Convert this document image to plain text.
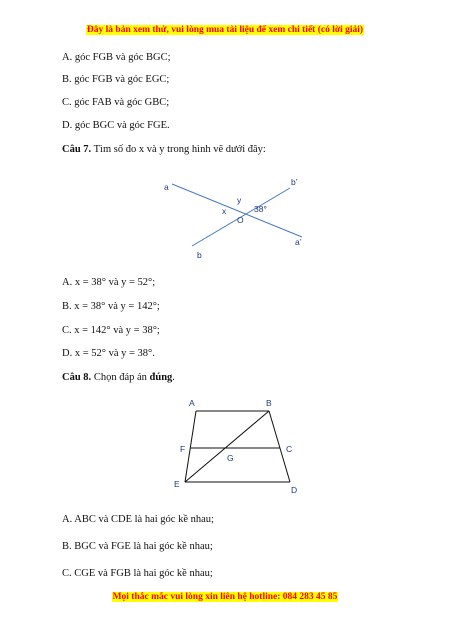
Đây là bản xem thử, vui lòng mua tài liệu để xem chi tiết (có lời giải)
A. góc FGB và góc BGC;
B. góc FGB và góc EGC;
C. góc FAB và góc GBC;
D. góc BGC và góc FGE.
Câu 7. Tìm số đo x và y trong hình vẽ dưới đây:
a	b’
y
38°
x
O
a’
b
A. x = 38° và y = 52°;
B. x = 38° và y = 142°;
C. x = 142° và y = 38°;
D. x = 52° và y = 38°.
Câu 8. Chọn đáp án đúng.
A	B
F	C
G
E
D
A. ABC và CDE là hai góc kề nhau;
B. BGC và FGE là hai góc kề nhau;
C. CGE và FGB là hai góc kề nhau;
Mọi thắc mắc vui lòng xin liên hệ hotline: 084 283 45 85
